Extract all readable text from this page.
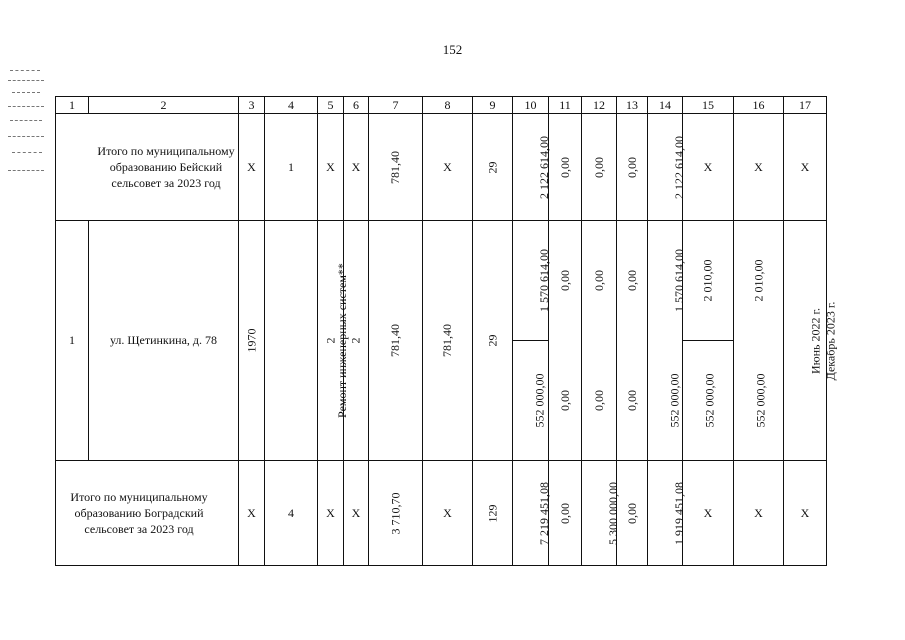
152
1	2	3	4	5	6	7	8	9	10	11	12	13	14	15	16	17
Итого по муниципальному образованию Бейский сельсовет за 2023 год		Х	1	Х	Х	781,40	Х	29	2 122 614,00	0,00	0,00	0,00	2 122 614,00	Х	Х	Х
1	ул. Щетинкина, д. 78	1970	Ремонт инженерных систем**	2	2	781,40	781,40	29	1 570 614,00	0,00	0,00	0,00	1 570 614,00	2 010,00	2 010,00	Июнь 2022 г.
Декабрь 2023 г.
									552 000,00	0,00	0,00	0,00	552 000,00	552 000,00	552 000,00	
Итого по муниципальному образованию Боградский сельсовет за 2023 год		Х	4	Х	Х	3 710,70	Х	129	7 219 451,08	0,00	5 300 000,00	0,00	1 919 451,08	Х	Х	Х
